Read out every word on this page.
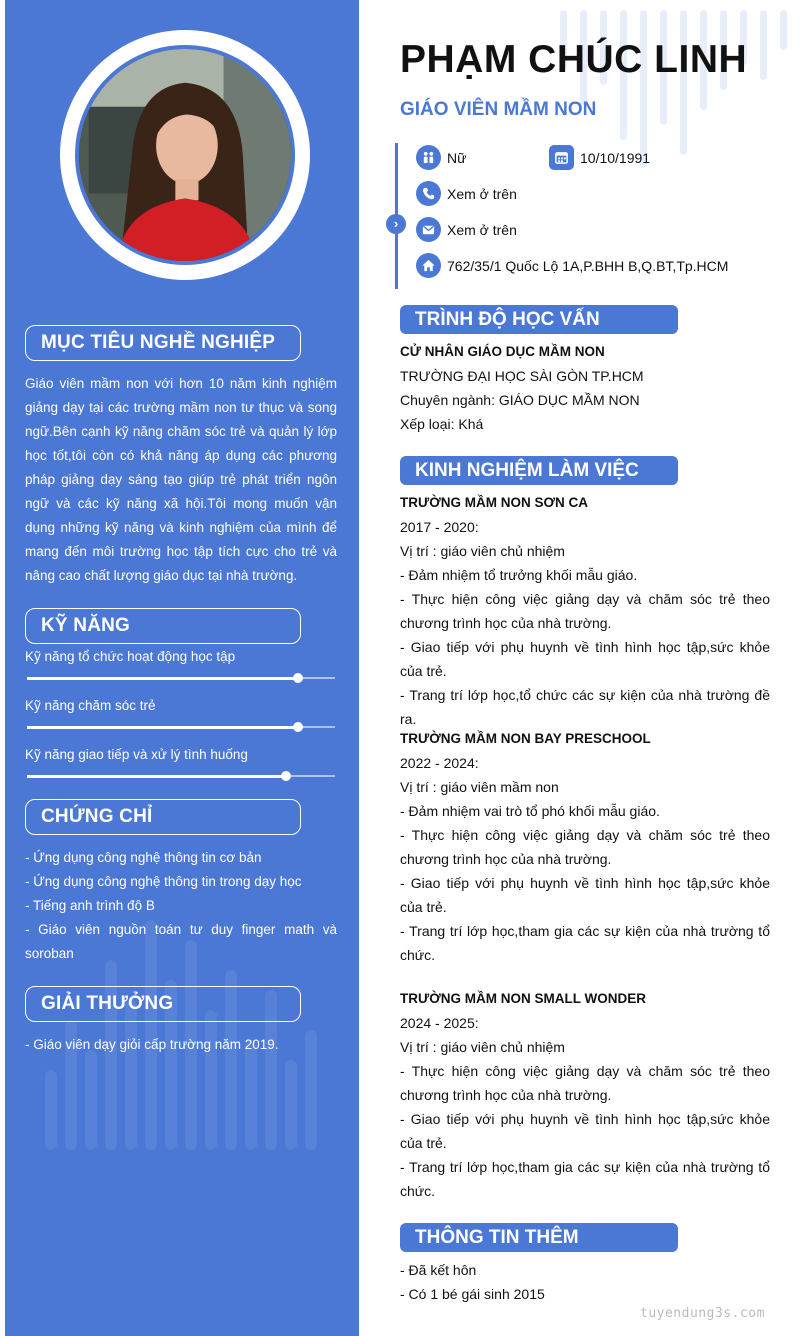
MỤC TIÊU NGHỀ NGHIỆP
Giáo viên mầm non với hơn 10 năm kinh nghiệm giảng dạy tại các trường mầm non tư thục và song ngữ.Bên cạnh kỹ năng chăm sóc trẻ và quản lý lớp học tốt,tôi còn có khả năng áp dụng các phương pháp giảng dạy sáng tạo giúp trẻ phát triển ngôn ngữ và các kỹ năng xã hội.Tôi mong muốn vận dụng những kỹ năng và kinh nghiệm của mình để mang đến môi trường học tập tích cực cho trẻ và nâng cao chất lượng giáo dục tại nhà trường.
KỸ NĂNG
Kỹ năng tổ chức hoạt động học tập
Kỹ năng chăm sóc trẻ
Kỹ năng giao tiếp và xử lý tình huống
CHỨNG CHỈ
- Ứng dụng công nghệ thông tin cơ bản
- Ứng dụng công nghệ thông tin trong dạy học
- Tiếng anh trình độ B
- Giáo viên nguồn toán tư duy finger math và soroban
GIẢI THƯỞNG
- Giáo viên dạy giỏi cấp trường năm 2019.
PHẠM CHÚC LINH
GIÁO VIÊN MẦM NON
›
Nữ	10/10/1991
Xem ở trên
Xem ở trên
762/35/1 Quốc Lộ 1A,P.BHH B,Q.BT,Tp.HCM
TRÌNH ĐỘ HỌC VẤN
CỬ NHÂN GIÁO DỤC MẦM NON
TRƯỜNG ĐẠI HỌC SÀI GÒN TP.HCM
Chuyên ngành: GIÁO DỤC MẦM NON
Xếp loại: Khá
KINH NGHIỆM LÀM VIỆC
TRƯỜNG MẦM NON SƠN CA
2017 - 2020:
Vị trí : giáo viên chủ nhiệm
- Đảm nhiệm tổ trưởng khối mẫu giáo.
- Thực hiện công việc giảng dạy và chăm sóc trẻ theo chương trình học của nhà trường.
- Giao tiếp với phụ huynh về tình hình học tập,sức khỏe của trẻ.
- Trang trí lớp học,tổ chức các sự kiện của nhà trường đề ra.
TRƯỜNG MẦM NON BAY PRESCHOOL
2022 - 2024:
Vị trí : giáo viên mầm non
- Đảm nhiệm vai trò tổ phó khối mẫu giáo.
- Thực hiện công việc giảng dạy và chăm sóc trẻ theo chương trình học của nhà trường.
- Giao tiếp với phụ huynh về tình hình học tập,sức khỏe của trẻ.
- Trang trí lớp học,tham gia các sự kiện của nhà trường tổ chức.
TRƯỜNG MẦM NON SMALL WONDER
2024 - 2025:
Vị trí : giáo viên chủ nhiệm
- Thực hiện công việc giảng dạy và chăm sóc trẻ theo chương trình học của nhà trường.
- Giao tiếp với phụ huynh về tình hình học tập,sức khỏe của trẻ.
- Trang trí lớp học,tham gia các sự kiện của nhà trường tổ chức.
THÔNG TIN THÊM
- Đã kết hôn
- Có 1 bé gái sinh 2015
tuyendung3s.com
